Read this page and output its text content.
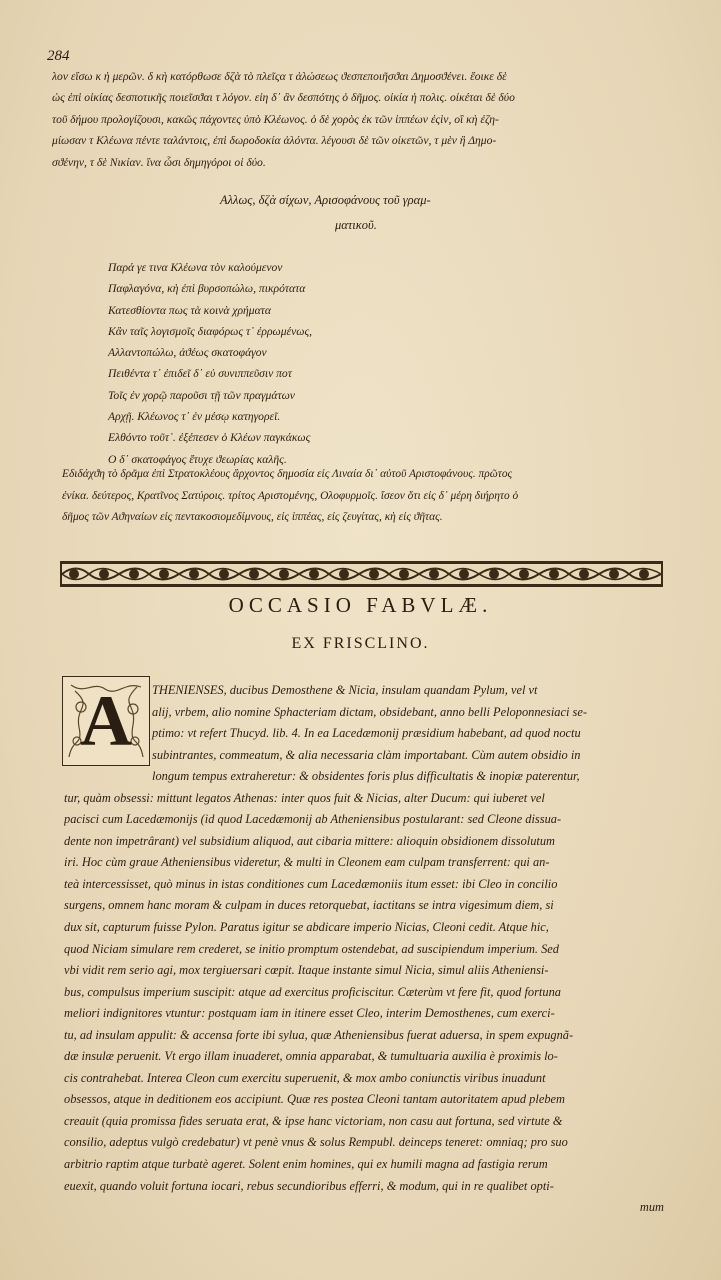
284
λον εἴσω κ ἡ μερῶν. δ κὴ κατόρθωσε δζὰ τὸ πλεῖςα τ ἁλώσεως ϑεσπεποιῆσϑαι Δημοσϑένει. ἔοικε δὲ
ὡς ἐπὶ οἰκίας δεσποτικῆς ποιεῖσϑαι τ λόγον. εἰη δ᾽ ἂν δεσπότης ὁ δῆμος. οἰκία ἡ πολις. οἰκέται δὲ δύο
τοῦ δήμου προλογίζουσι, κακῶς πάχοντες ὑπὸ Κλέωνος. ὁ δὲ χορὸς ἐκ τῶν ἱππέων ἐςὶν, οἳ κὴ ἐζη-
μίωσαν τ Κλέωνα πέντε ταλάντοις, ἐπὶ δωροδοκία ἁλόντα. λέγουσι δὲ τῶν οἰκετῶν, τ μὲν ἢ Δημο-
σϑένην, τ δὲ Νικίαν. ἵνα ὦσι δημηγόροι οἱ δύο.
Αλλως, δζὰ σίχων, Αρισοφάνους τοῦ γραμ-
ματικοῦ.
Παρά γε τινα Κλέωνα τὸν καλούμενον
Παφλαγόνα, κὴ ἐπὶ βυρσοπώλω, πικρότατα
Κατεσθίοντα πως τὰ κοινὰ χρήματα
Κἂν ταῖς λογισμοῖς διαφόρως τ᾽ ἐρρωμένως,
Αλλαντοπώλω, ἀϑέως σκατοφάγον
Πειθέντα τ᾽ ἐπιδεῖ δ᾽ εὐ συνιππεῦσιν ποτ
Τοῖς ἐν χορῷ παροῦσι τῇ τῶν πραγμάτων
Αρχῇ. Κλέωνος τ᾽ ἐν μέσῳ κατηγορεῖ.
Ελθόντο τοῦτ᾽. ἐξέπεσεν ὁ Κλέων παγκάκως
Ο δ᾽ σκατοφάγος ἔτυχε ϑεωρίας καλῆς.
Εδιδάχϑη τὸ δρᾶμα ἐπὶ Στρατοκλέους ἄρχοντος δημοσία εἰς Λιναία δι᾽ αὐτοῦ Αριστοφάνους. πρῶτος
ἐνίκα. δεύτερος, Κρατῖνος Σατύροις. τρίτος Αριστομένης, Ολοφυρμοῖς. ἴσεον ὅτι εἰς δ᾽ μέρη διήρητο ὁ
δῆμος τῶν Αϑηναίων εἰς πεντακοσιομεδίμνους, εἰς ἱππέας, εἰς ζευγίτας, κὴ εἰς ϑῆτας.
OCCASIO FABVLÆ.
EX FRISCLINO.
A	THENIENSES, ducibus Demosthene & Nicia, insulam quandam Pylum, vel vt
alij, vrbem, alio nomine Sphacteriam dictam, obsidebant, anno belli Peloponnesiaci se-
ptimo: vt refert Thucyd. lib. 4. In ea Lacedæmonij præsidium habebant, ad quod noctu
subintrantes, commeatum, & alia necessaria clàm importabant. Cùm autem obsidio in
longum tempus extraheretur: & obsidentes foris plus difficultatis & inopiæ paterentur,
tur, quàm obsessi: mittunt legatos Athenas: inter quos fuit & Nicias, alter Ducum: qui iuberet vel
pacisci cum Lacedæmonijs (id quod Lacedæmonij ab Atheniensibus postularant: sed Cleone dissua-
dente non impetrârant) vel subsidium aliquod, aut cibaria mittere: alioquin obsidionem dissolutum
iri. Hoc cùm graue Atheniensibus videretur, & multi in Cleonem eam culpam transferrent: qui an-
teà intercessisset, quò minus in istas conditiones cum Lacedæmoniis itum esset: ibi Cleo in concilio
surgens, omnem hanc moram & culpam in duces retorquebat, iactitans se intra vigesimum diem, si
dux sit, capturum fuisse Pylon. Paratus igitur se abdicare imperio Nicias, Cleoni cedit. Atque hic,
quod Niciam simulare rem crederet, se initio promptum ostendebat, ad suscipiendum imperium. Sed
vbi vidit rem serio agi, mox tergiuersari cœpit. Itaque instante simul Nicia, simul aliis Atheniensi-
bus, compulsus imperium suscipit: atque ad exercitus proficiscitur. Cæterùm vt fere fit, quod fortuna
meliori indignitores vtuntur: postquam iam in itinere esset Cleo, interim Demosthenes, cum exerci-
tu, ad insulam appulit: & accensa forte ibi sylua, quæ Atheniensibus fuerat aduersa, in spem expugnã-
dæ insulæ peruenit. Vt ergo illam inuaderet, omnia apparabat, & tumultuaria auxilia è proximis lo-
cis contrahebat. Interea Cleon cum exercitu superuenit, & mox ambo coniunctis viribus inuadunt
obsessos, atque in deditionem eos accipiunt. Quæ res postea Cleoni tantam autoritatem apud plebem
creauit (quia promissa fides seruata erat, & ipse hanc victoriam, non casu aut fortuna, sed virtute &
consilio, adeptus vulgò credebatur) vt penè vnus & solus Rempubl. deinceps teneret: omniaq; pro suo
arbitrio raptim atque turbatè ageret. Solent enim homines, qui ex humili magna ad fastigia rerum
euexit, quando voluit fortuna iocari, rebus secundioribus efferri, & modum, qui in re qualibet opti-
mum
